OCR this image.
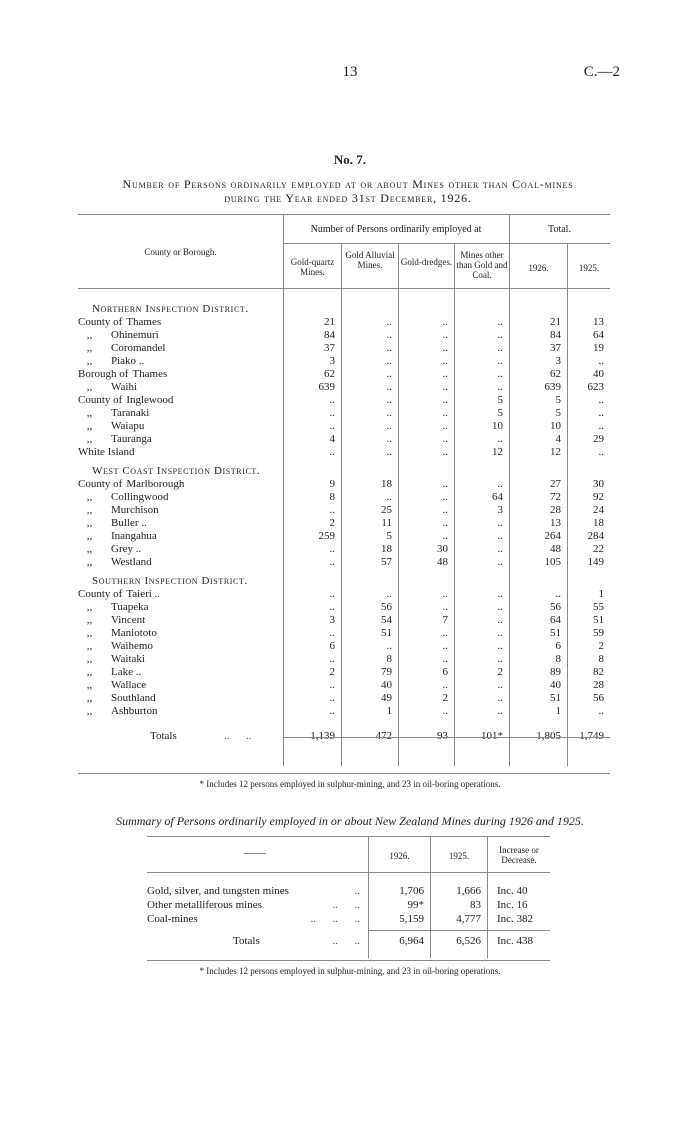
13	C.—2
No. 7.
Number of Persons ordinarily employed at or about Mines other than Coal-mines
during the Year ended 31st December, 1926.
County or Borough.
Number of Persons ordinarily employed at	Total.
Gold-quartz Mines.
Gold Alluvial Mines.	Gold-dredges.
Mines other than Gold and Coal.
1926.	1925.
Northern Inspection District.						
County of Thames	21	..	..	..	21	13
,, Ohinemuri	84	..	..	..	84	64
,, Coromandel	37	..	..	..	37	19
,, Piako ..	3	..	..	..	3	..
Borough of Thames	62	..	..	..	62	40
,, Waihi	639	..	..	..	639	623
County of Inglewood	..	..	..	5	5	..
,, Taranaki	..	..	..	5	5	..
,, Waiapu	..	..	..	10	10	..
,, Tauranga	4	..	..	..	4	29
White Island	..	..	..	12	12	..

West Coast Inspection District.						
County of Marlborough	9	18	..	..	27	30
,, Collingwood	8	..	..	64	72	92
,, Murchison	..	25	..	3	28	24
,, Buller ..	2	11	..	..	13	18
,, Inangahua	259	5	..	..	264	284
,, Grey ..	..	18	30	..	48	22
,, Westland	..	57	48	..	105	149

Southern Inspection District.						
County of Taieri ..	..	..	..	..	..	1
,, Tuapeka	..	56	..	..	56	55
,, Vincent	3	54	7	..	64	51
,, Maniototo	..	51	..	..	51	59
,, Waihemo	6	..	..	..	6	2
,, Waitaki	..	8	..	..	8	8
,, Lake ..	2	79	6	2	89	82
,, Wallace	..	40	..	..	40	28
,, Southland	..	49	2	..	51	56
,, Ashburton	..	1	..	..	1	..

Totals ..      ..	1,139	472	93	101*	1,805	1,749
* Includes 12 persons employed in sulphur-mining, and 23 in oil-boring operations.
Summary of Persons ordinarily employed in or about New Zealand Mines during 1926 and 1925.
——	1926.	1925.
Increase or Decrease.
Gold, silver, and tungsten mines ..	1,706	1,666	Inc. 40
Other metalliferous mines ..      ..	99*	83	Inc. 16
Coal-mines ..      ..      ..	5,159	4,777	Inc. 382

Totals ..      ..	6,964	6,526	Inc. 438
* Includes 12 persons employed in sulphur-mining, and 23 in oil-boring operations.
